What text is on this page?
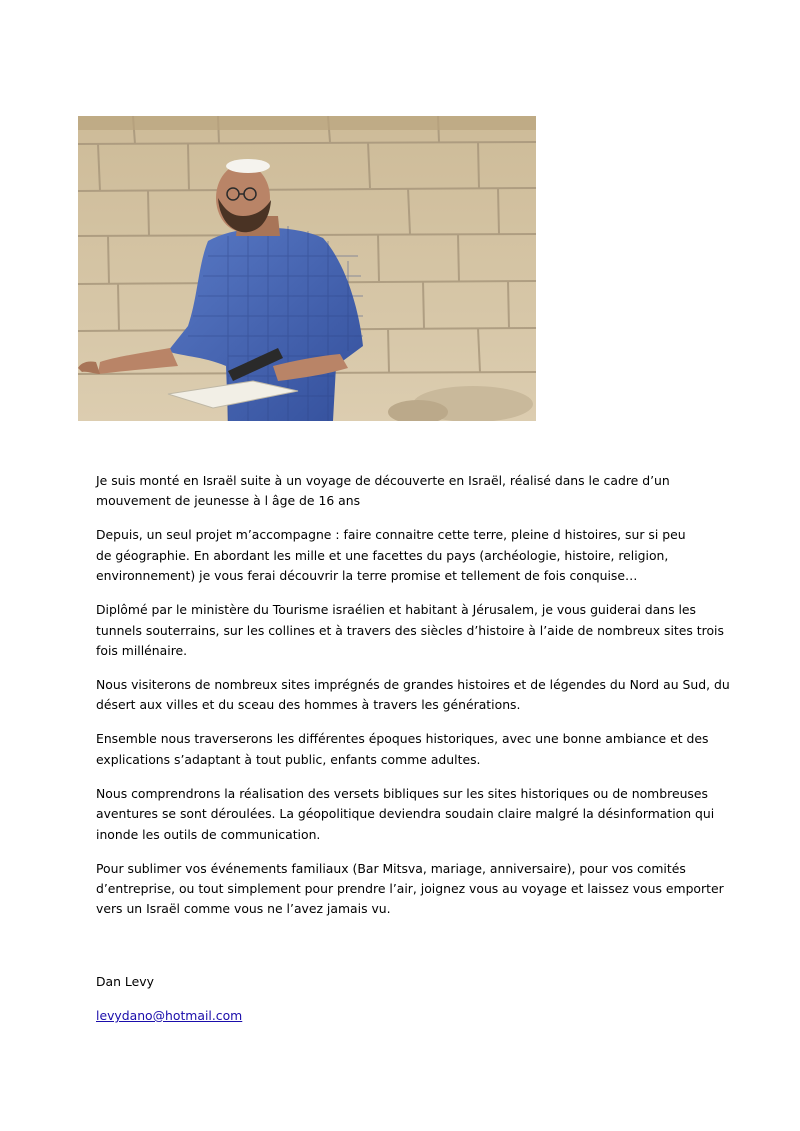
Je suis monté en Israël suite à un voyage de découverte en Israël, réalisé dans le cadre d’un
mouvement de jeunesse à l âge de 16 ans

Depuis, un seul projet m’accompagne : faire connaitre cette terre, pleine d histoires, sur si peu
de géographie. En abordant les mille et une facettes du pays (archéologie, histoire, religion,
environnement) je vous ferai découvrir la terre promise et tellement de fois conquise…

Diplômé par le ministère du Tourisme israélien et habitant à Jérusalem, je vous guiderai dans les
tunnels souterrains, sur les collines et à travers des siècles d’histoire à l’aide de nombreux sites trois
fois millénaire.

Nous visiterons de nombreux sites imprégnés de grandes histoires et de légendes du Nord au Sud, du
désert aux villes et du sceau des hommes à travers les générations.

Ensemble nous traverserons les différentes époques historiques, avec une bonne ambiance et des
explications s’adaptant à tout public, enfants comme adultes.

Nous comprendrons la réalisation des versets bibliques sur les sites historiques ou de nombreuses
aventures se sont déroulées. La géopolitique deviendra soudain claire malgré la désinformation qui
inonde les outils de communication.

Pour sublimer vos événements familiaux (Bar Mitsva, mariage, anniversaire), pour vos comités
d’entreprise, ou tout simplement pour prendre l’air, joignez vous au voyage et laissez vous emporter
vers un Israël comme vous ne l’avez jamais vu.

Dan Levy
levydano@hotmail.com
